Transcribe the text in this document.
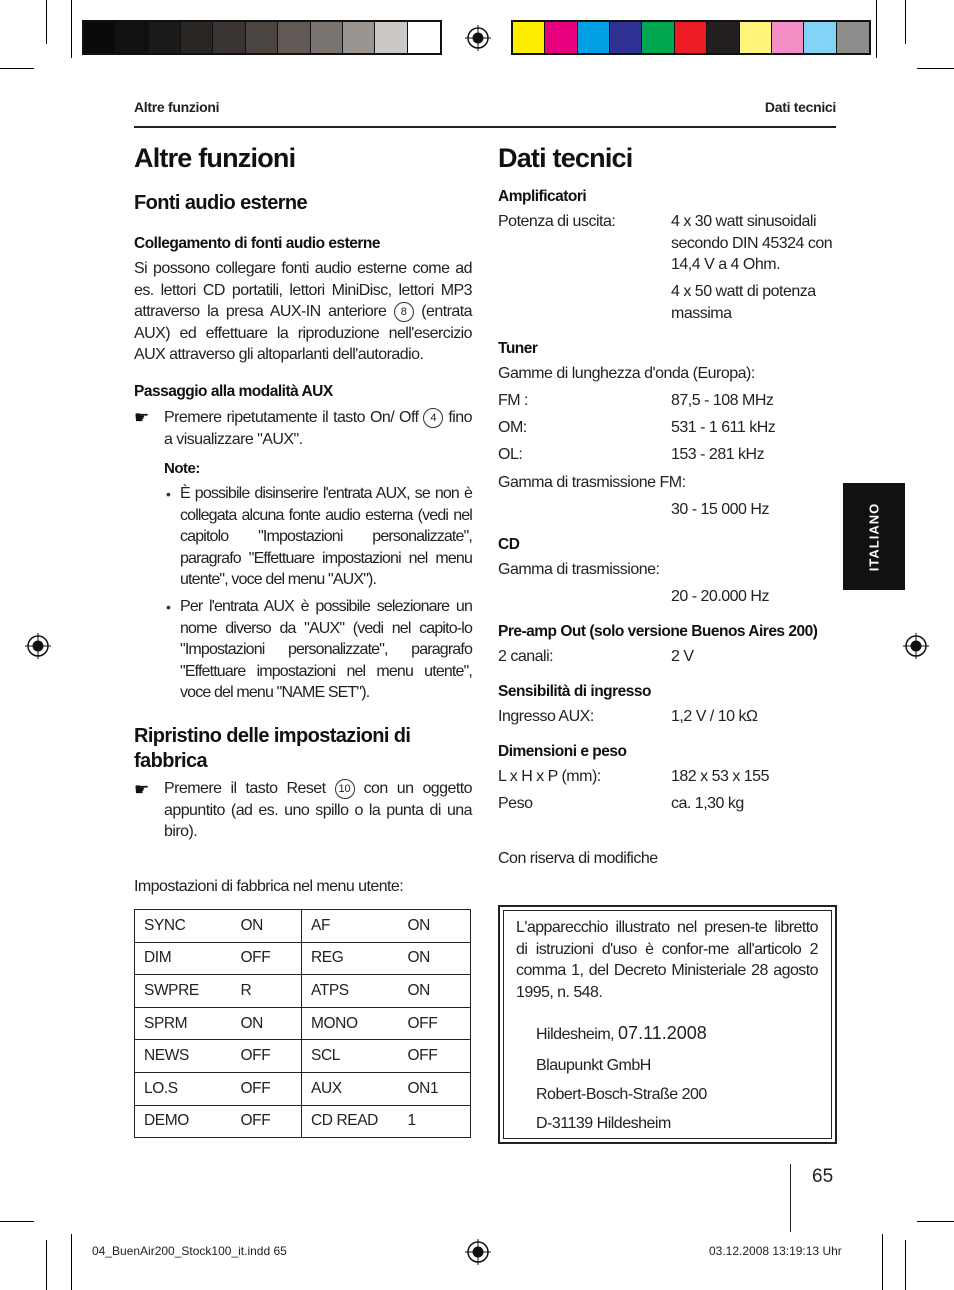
Altre funzioni	Dati tecnici
Altre funzioni
Fonti audio esterne
Collegamento di fonti audio esterne
Si possono collegare fonti audio esterne come ad es. lettori CD portatili, lettori MiniDisc, lettori MP3 attraverso la presa AUX-IN anteriore 8 (entrata AUX) ed effettuare la riproduzione nell'esercizio AUX attraverso gli altoparlanti dell'autoradio.
Passaggio alla modalità AUX
☛ Premere ripetutamente il tasto On/ Off 4 fino a visualizzare "AUX".
Note:
• È possibile disinserire l'entrata AUX, se non è collegata alcuna fonte audio esterna (vedi nel capitolo "Impostazioni personalizzate", paragrafo "Effettuare impostazioni nel menu utente", voce del menu "AUX").
• Per l'entrata AUX è possibile selezionare un nome diverso da "AUX" (vedi nel capito-lo "Impostazioni personalizzate", paragrafo "Effettuare impostazioni nel menu utente", voce del menu "NAME SET").
Ripristino delle impostazioni di fabbrica
☛ Premere il tasto Reset 10 con un oggetto appuntito (ad es. uno spillo o la punta di una biro).
Impostazioni di fabbrica nel menu utente:
SYNC	ON	AF	ON
DIM	OFF	REG	ON
SWPRE	R	ATPS	ON
SPRM	ON	MONO	OFF
NEWS	OFF	SCL	OFF
LO.S	OFF	AUX	ON1
DEMO	OFF	CD READ	1
Dati tecnici
Amplificatori
Potenza di uscita:	4 x 30 watt sinusoidali secondo DIN 45324 con 14,4 V a 4 Ohm.
4 x 50 watt di potenza massima
Tuner
Gamme di lunghezza d'onda (Europa):
FM :	87,5 - 108 MHz
OM:	531 - 1 611 kHz
OL:	153 - 281 kHz
Gamma di trasmissione FM:
30 - 15 000 Hz
CD
Gamma di trasmissione:
20 - 20.000 Hz
Pre-amp Out (solo versione Buenos Aires 200)
2 canali:	2 V
Sensibilità di ingresso
Ingresso AUX:	1,2 V / 10 kΩ
Dimensioni e peso
L x H x P (mm):	182 x 53 x 155
Peso	ca. 1,30 kg
Con riserva di modifiche
L'apparecchio illustrato nel presen-te libretto di istruzioni d'uso è confor-me all'articolo 2 comma 1, del Decreto Ministeriale 28 agosto 1995, n. 548.
Hildesheim, 07.11.2008
Blaupunkt GmbH
Robert-Bosch-Straße 200
D-31139 Hildesheim
ITALIANO
65
04_BuenAir200_Stock100_it.indd 65	03.12.2008 13:19:13 Uhr
